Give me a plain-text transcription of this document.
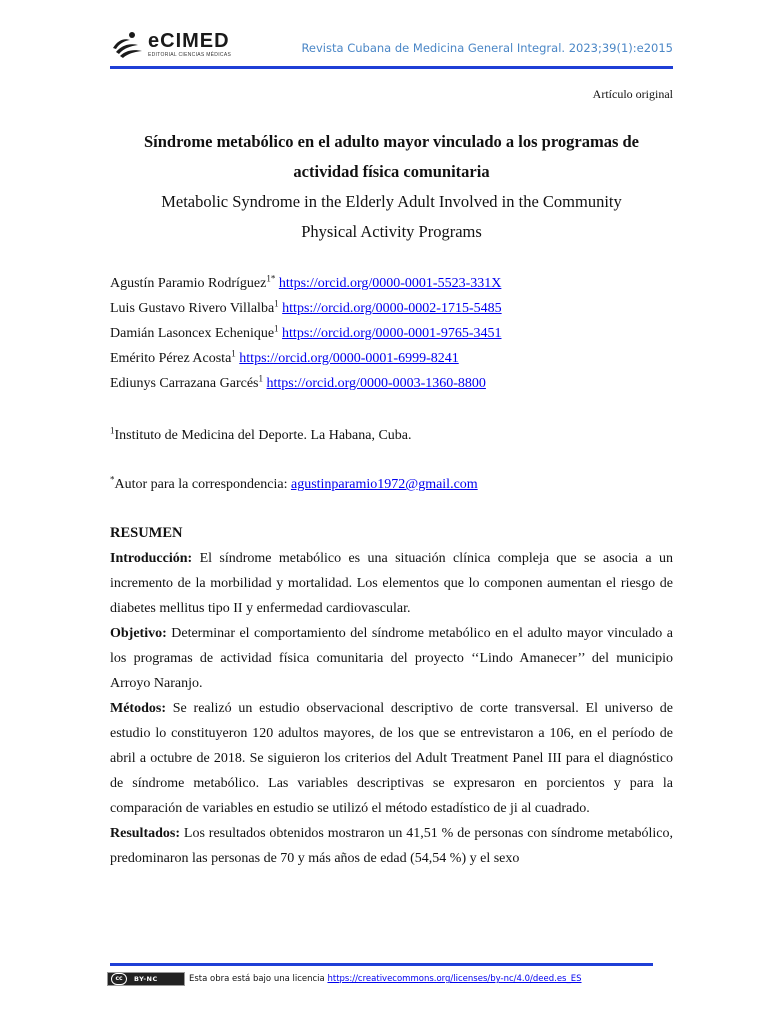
eCIMED
EDITORIAL CIENCIAS MÉDICAS	Revista Cubana de Medicina General Integral. 2023;39(1):e2015
Artículo original
Síndrome metabólico en el adulto mayor vinculado a los programas de
actividad física comunitaria
Metabolic Syndrome in the Elderly Adult Involved in the Community
Physical Activity Programs
Agustín Paramio Rodríguez$^{1*}$ https://orcid.org/0000-0001-5523-331X
Luis Gustavo Rivero Villalba$^1$ https://orcid.org/0000-0002-1715-5485
Damián Lasoncex Echenique$^1$ https://orcid.org/0000-0001-9765-3451
Emérito Pérez Acosta$^1$ https://orcid.org/0000-0001-6999-8241
Ediunys Carrazana Garcés$^1$ https://orcid.org/0000-0003-1360-8800
$^1$Instituto de Medicina del Deporte. La Habana, Cuba.
*Autor para la correspondencia: agustinparamio1972@gmail.com
RESUMEN

Introducción: El síndrome metabólico es una situación clínica compleja que se asocia a un incremento de la morbilidad y mortalidad. Los elementos que lo componen aumentan el riesgo de diabetes mellitus tipo II y enfermedad cardiovascular.

Objetivo: Determinar el comportamiento del síndrome metabólico en el adulto mayor vinculado a los programas de actividad física comunitaria del proyecto ‘‘Lindo Amanecer’’ del municipio Arroyo Naranjo.

Métodos: Se realizó un estudio observacional descriptivo de corte transversal. El universo de estudio lo constituyeron 120 adultos mayores, de los que se entrevistaron a 106, en el período de abril a octubre de 2018. Se siguieron los criterios del Adult Treatment Panel III para el diagnóstico de síndrome metabólico. Las variables descriptivas se expresaron en porcientos y para la comparación de variables en estudio se utilizó el método estadístico de ji al cuadrado.

Resultados: Los resultados obtenidos mostraron un 41,51 % de personas con síndrome metabólico, predominaron las personas de 70 y más años de edad (54,54 %) y el sexo

cc	BY-NC	Esta obra está bajo una licencia https://creativecommons.org/licenses/by-nc/4.0/deed.es_ES
